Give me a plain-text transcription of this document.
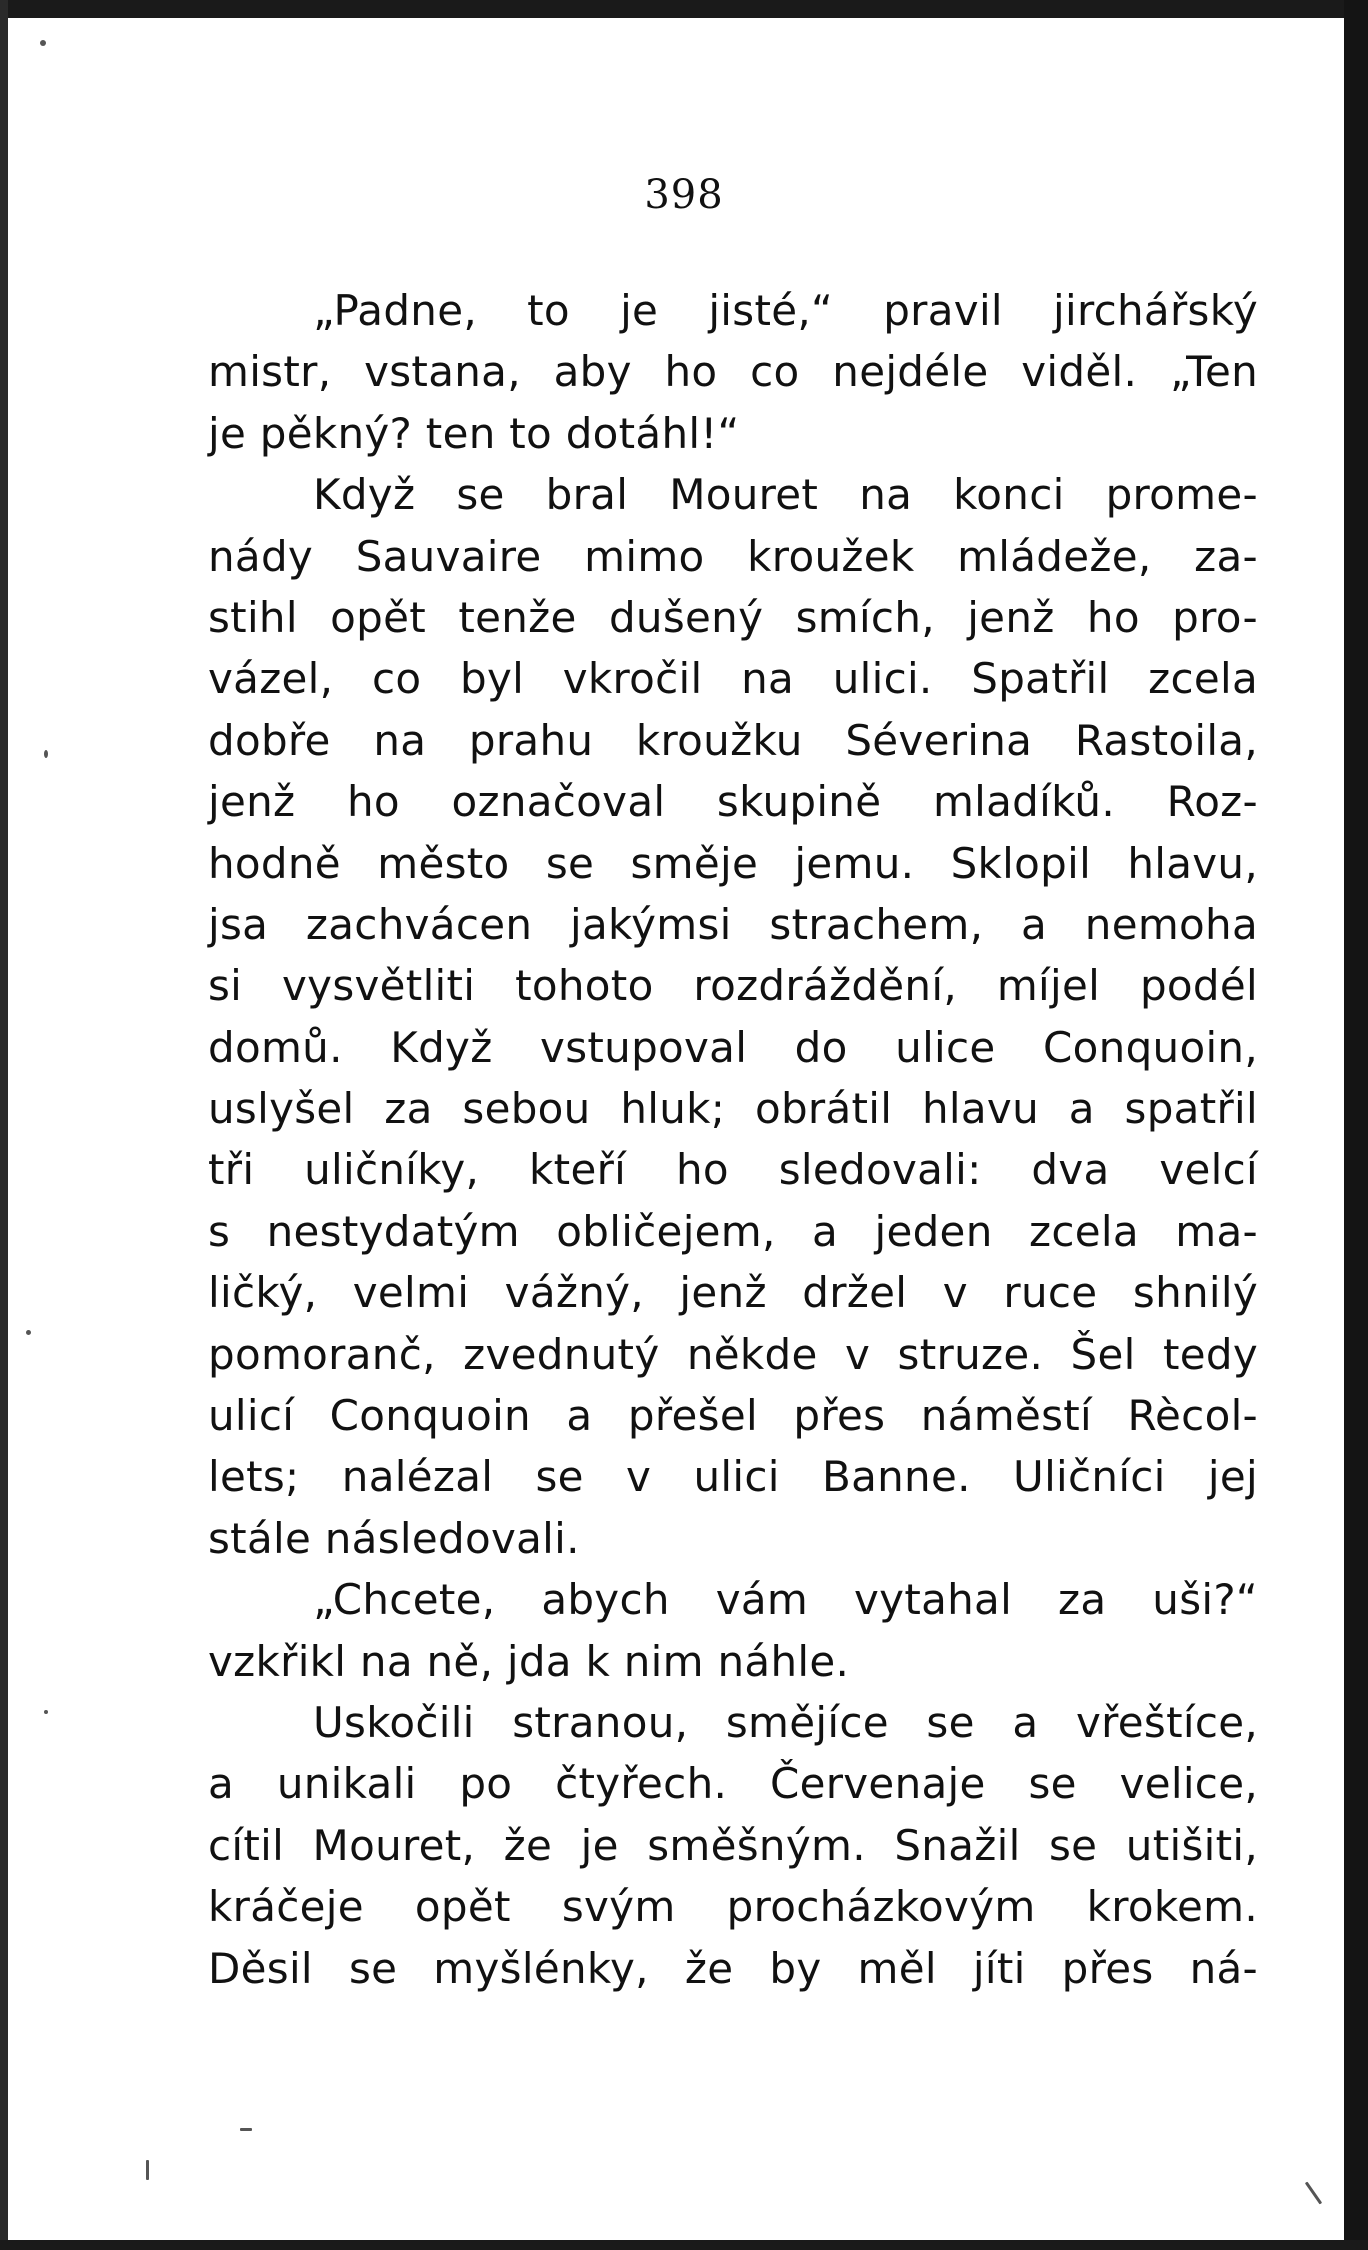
398
„Padne, to je jisté,“ pravil jirchářský
mistr, vstana, aby ho co nejdéle viděl. „Ten
je pěkný? ten to dotáhl!“
Když se bral Mouret na konci prome-
nády Sauvaire mimo kroužek mládeže, za-
stihl opět tenže dušený smích, jenž ho pro-
vázel, co byl vkročil na ulici. Spatřil zcela
dobře na prahu kroužku Séverina Rastoila,
jenž ho označoval skupině mladíků. Roz-
hodně město se směje jemu. Sklopil hlavu,
jsa zachvácen jakýmsi strachem, a nemoha
si vysvětliti tohoto rozdráždění, míjel podél
domů. Když vstupoval do ulice Conquoin,
uslyšel za sebou hluk; obrátil hlavu a spatřil
tři uličníky, kteří ho sledovali: dva velcí
s nestydatým obličejem, a jeden zcela ma-
ličký, velmi vážný, jenž držel v ruce shnilý
pomoranč, zvednutý někde v struze. Šel tedy
ulicí Conquoin a přešel přes náměstí Rècol-
lets; nalézal se v ulici Banne. Uličníci jej
stále následovali.
„Chcete, abych vám vytahal za uši?“
vzkřikl na ně, jda k nim náhle.
Uskočili stranou, smějíce se a vřeštíce,
a unikali po čtyřech. Červenaje se velice,
cítil Mouret, že je směšným. Snažil se utišiti,
kráčeje opět svým procházkovým krokem.
Děsil se myšlénky, že by měl jíti přes ná-
